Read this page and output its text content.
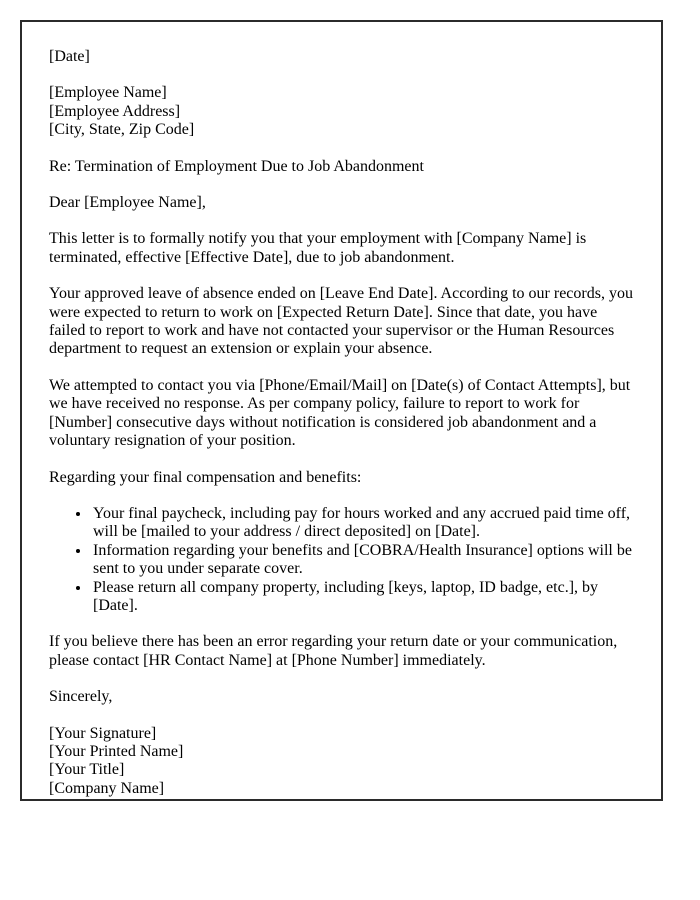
[Date]

[Employee Name]
[Employee Address]
[City, State, Zip Code]

Re: Termination of Employment Due to Job Abandonment

Dear [Employee Name],

This letter is to formally notify you that your employment with [Company Name] is terminated, effective [Effective Date], due to job abandonment.

Your approved leave of absence ended on [Leave End Date]. According to our records, you were expected to return to work on [Expected Return Date]. Since that date, you have failed to report to work and have not contacted your supervisor or the Human Resources department to request an extension or explain your absence.

We attempted to contact you via [Phone/Email/Mail] on [Date(s) of Contact Attempts], but we have received no response. As per company policy, failure to report to work for [Number] consecutive days without notification is considered job abandonment and a voluntary resignation of your position.

Regarding your final compensation and benefits:

• Your final paycheck, including pay for hours worked and any accrued paid time off, will be [mailed to your address / direct deposited] on [Date].
• Information regarding your benefits and [COBRA/Health Insurance] options will be sent to you under separate cover.
• Please return all company property, including [keys, laptop, ID badge, etc.], by [Date].

If you believe there has been an error regarding your return date or your communication, please contact [HR Contact Name] at [Phone Number] immediately.

Sincerely,

[Your Signature]
[Your Printed Name]
[Your Title]
[Company Name]
